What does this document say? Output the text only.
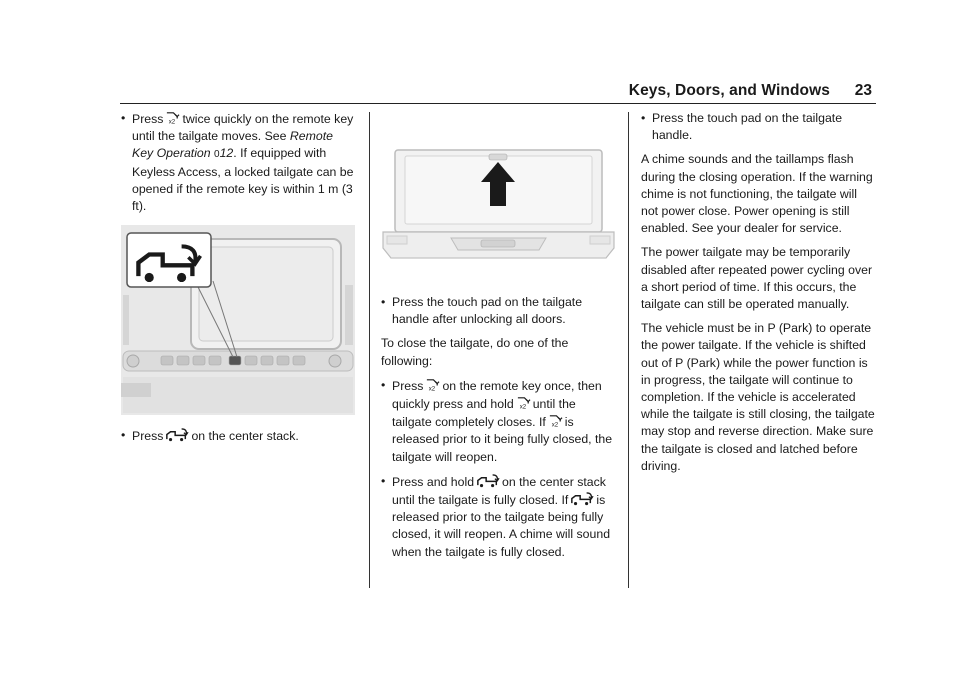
Keys, Doors, and Windows 23
• Press twice quickly on the remote key until the tailgate moves. See Remote Key Operation 012. If equipped with Keyless Access, a locked tailgate can be opened if the remote key is within 1 m (3 ft).
• Press on the center stack.
• Press the touch pad on the tailgate handle after unlocking all doors.

To close the tailgate, do one of the following:

• Press on the remote key once, then quickly press and hold until the tailgate completely closes. If is released prior to it being fully closed, the tailgate will reopen.
• Press and hold on the center stack until the tailgate is fully closed. If is released prior to the tailgate being fully closed, it will reopen. A chime will sound when the tailgate is fully closed.
• Press the touch pad on the tailgate handle.

A chime sounds and the taillamps flash during the closing operation. If the warning chime is not functioning, the tailgate will not power close. Power opening is still enabled. See your dealer for service.

The power tailgate may be temporarily disabled after repeated power cycling over a short period of time. If this occurs, the tailgate can still be operated manually.

The vehicle must be in P (Park) to operate the power tailgate. If the vehicle is shifted out of P (Park) while the power function is in progress, the tailgate will continue to completion. If the vehicle is accelerated while the tailgate is still closing, the tailgate may stop and reverse direction. Make sure the tailgate is closed and latched before driving.
